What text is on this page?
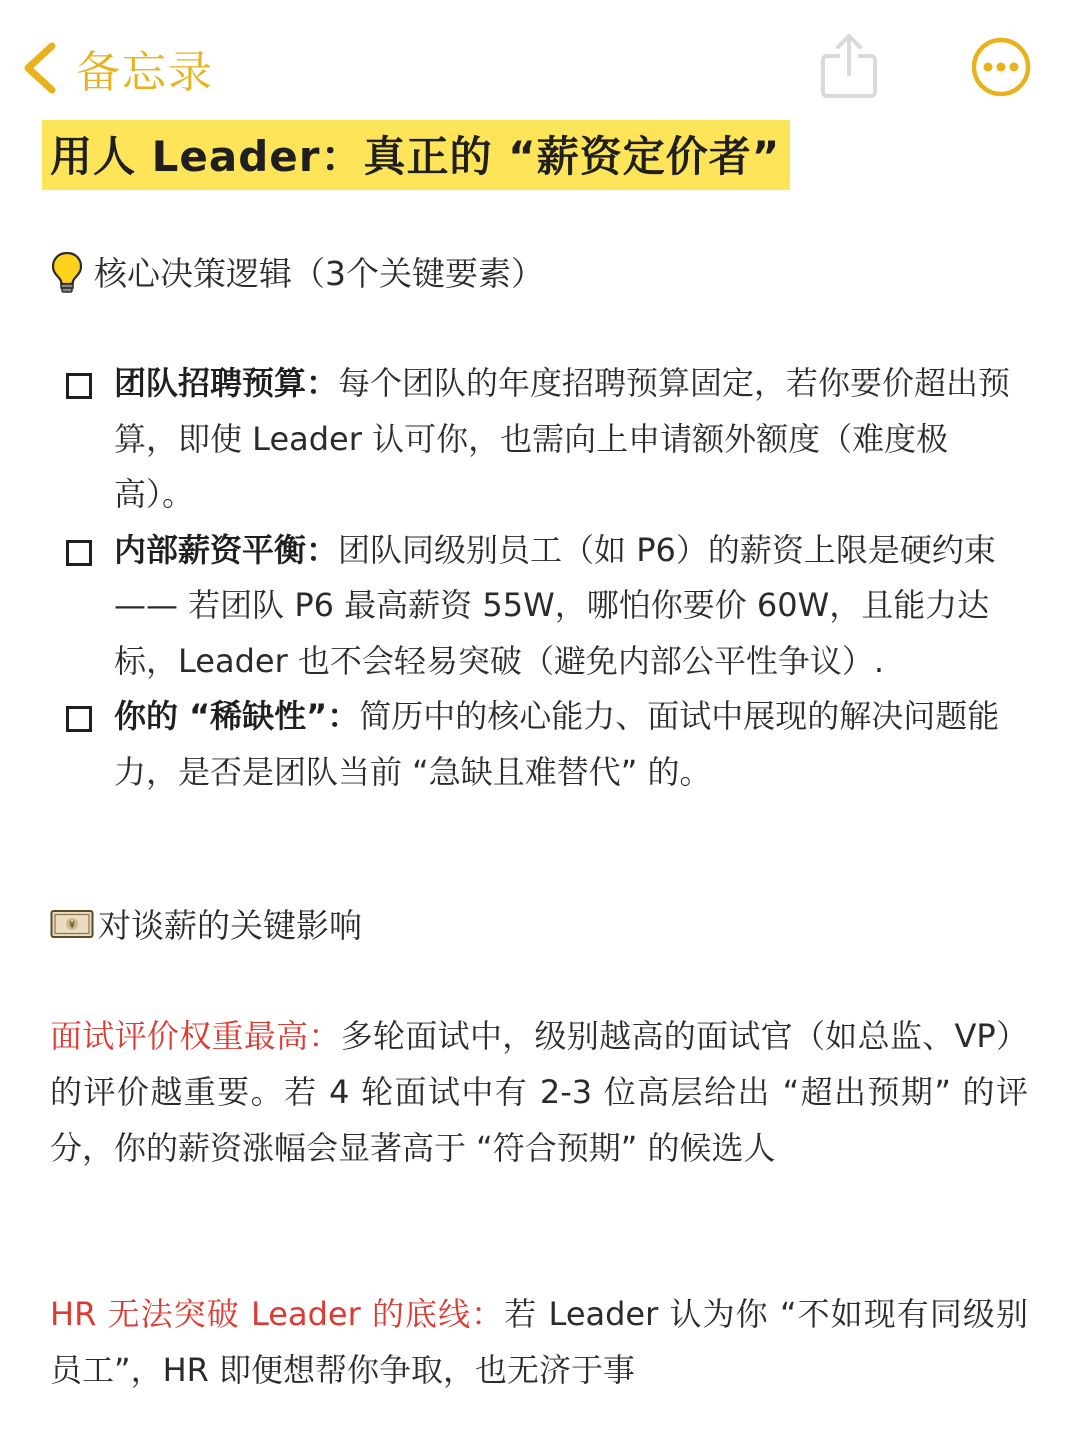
备忘录
用人 Leader：真正的 “薪资定价者”
核心决策逻辑（3个关键要素）
团队招聘预算：每个团队的年度招聘预算固定，若你要价超出预算，即使 Leader 认可你，也需向上申请额外额度（难度极高）。
内部薪资平衡：团队同级别员工（如 P6）的薪资上限是硬约束 —— 若团队 P6 最高薪资 55W，哪怕你要价 60W，且能力达标，Leader 也不会轻易突破（避免内部公平性争议）.
你的 “稀缺性”：简历中的核心能力、面试中展现的解决问题能力，是否是团队当前 “急缺且难替代” 的。
¥ 对谈薪的关键影响
面试评价权重最高：多轮面试中，级别越高的面试官（如总监、VP）的评价越重要。若 4 轮面试中有 2-3 位高层给出 “超出预期” 的评分，你的薪资涨幅会显著高于 “符合预期” 的候选人
HR 无法突破 Leader 的底线：若 Leader 认为你 “不如现有同级别员工”，HR 即便想帮你争取，也无济于事
